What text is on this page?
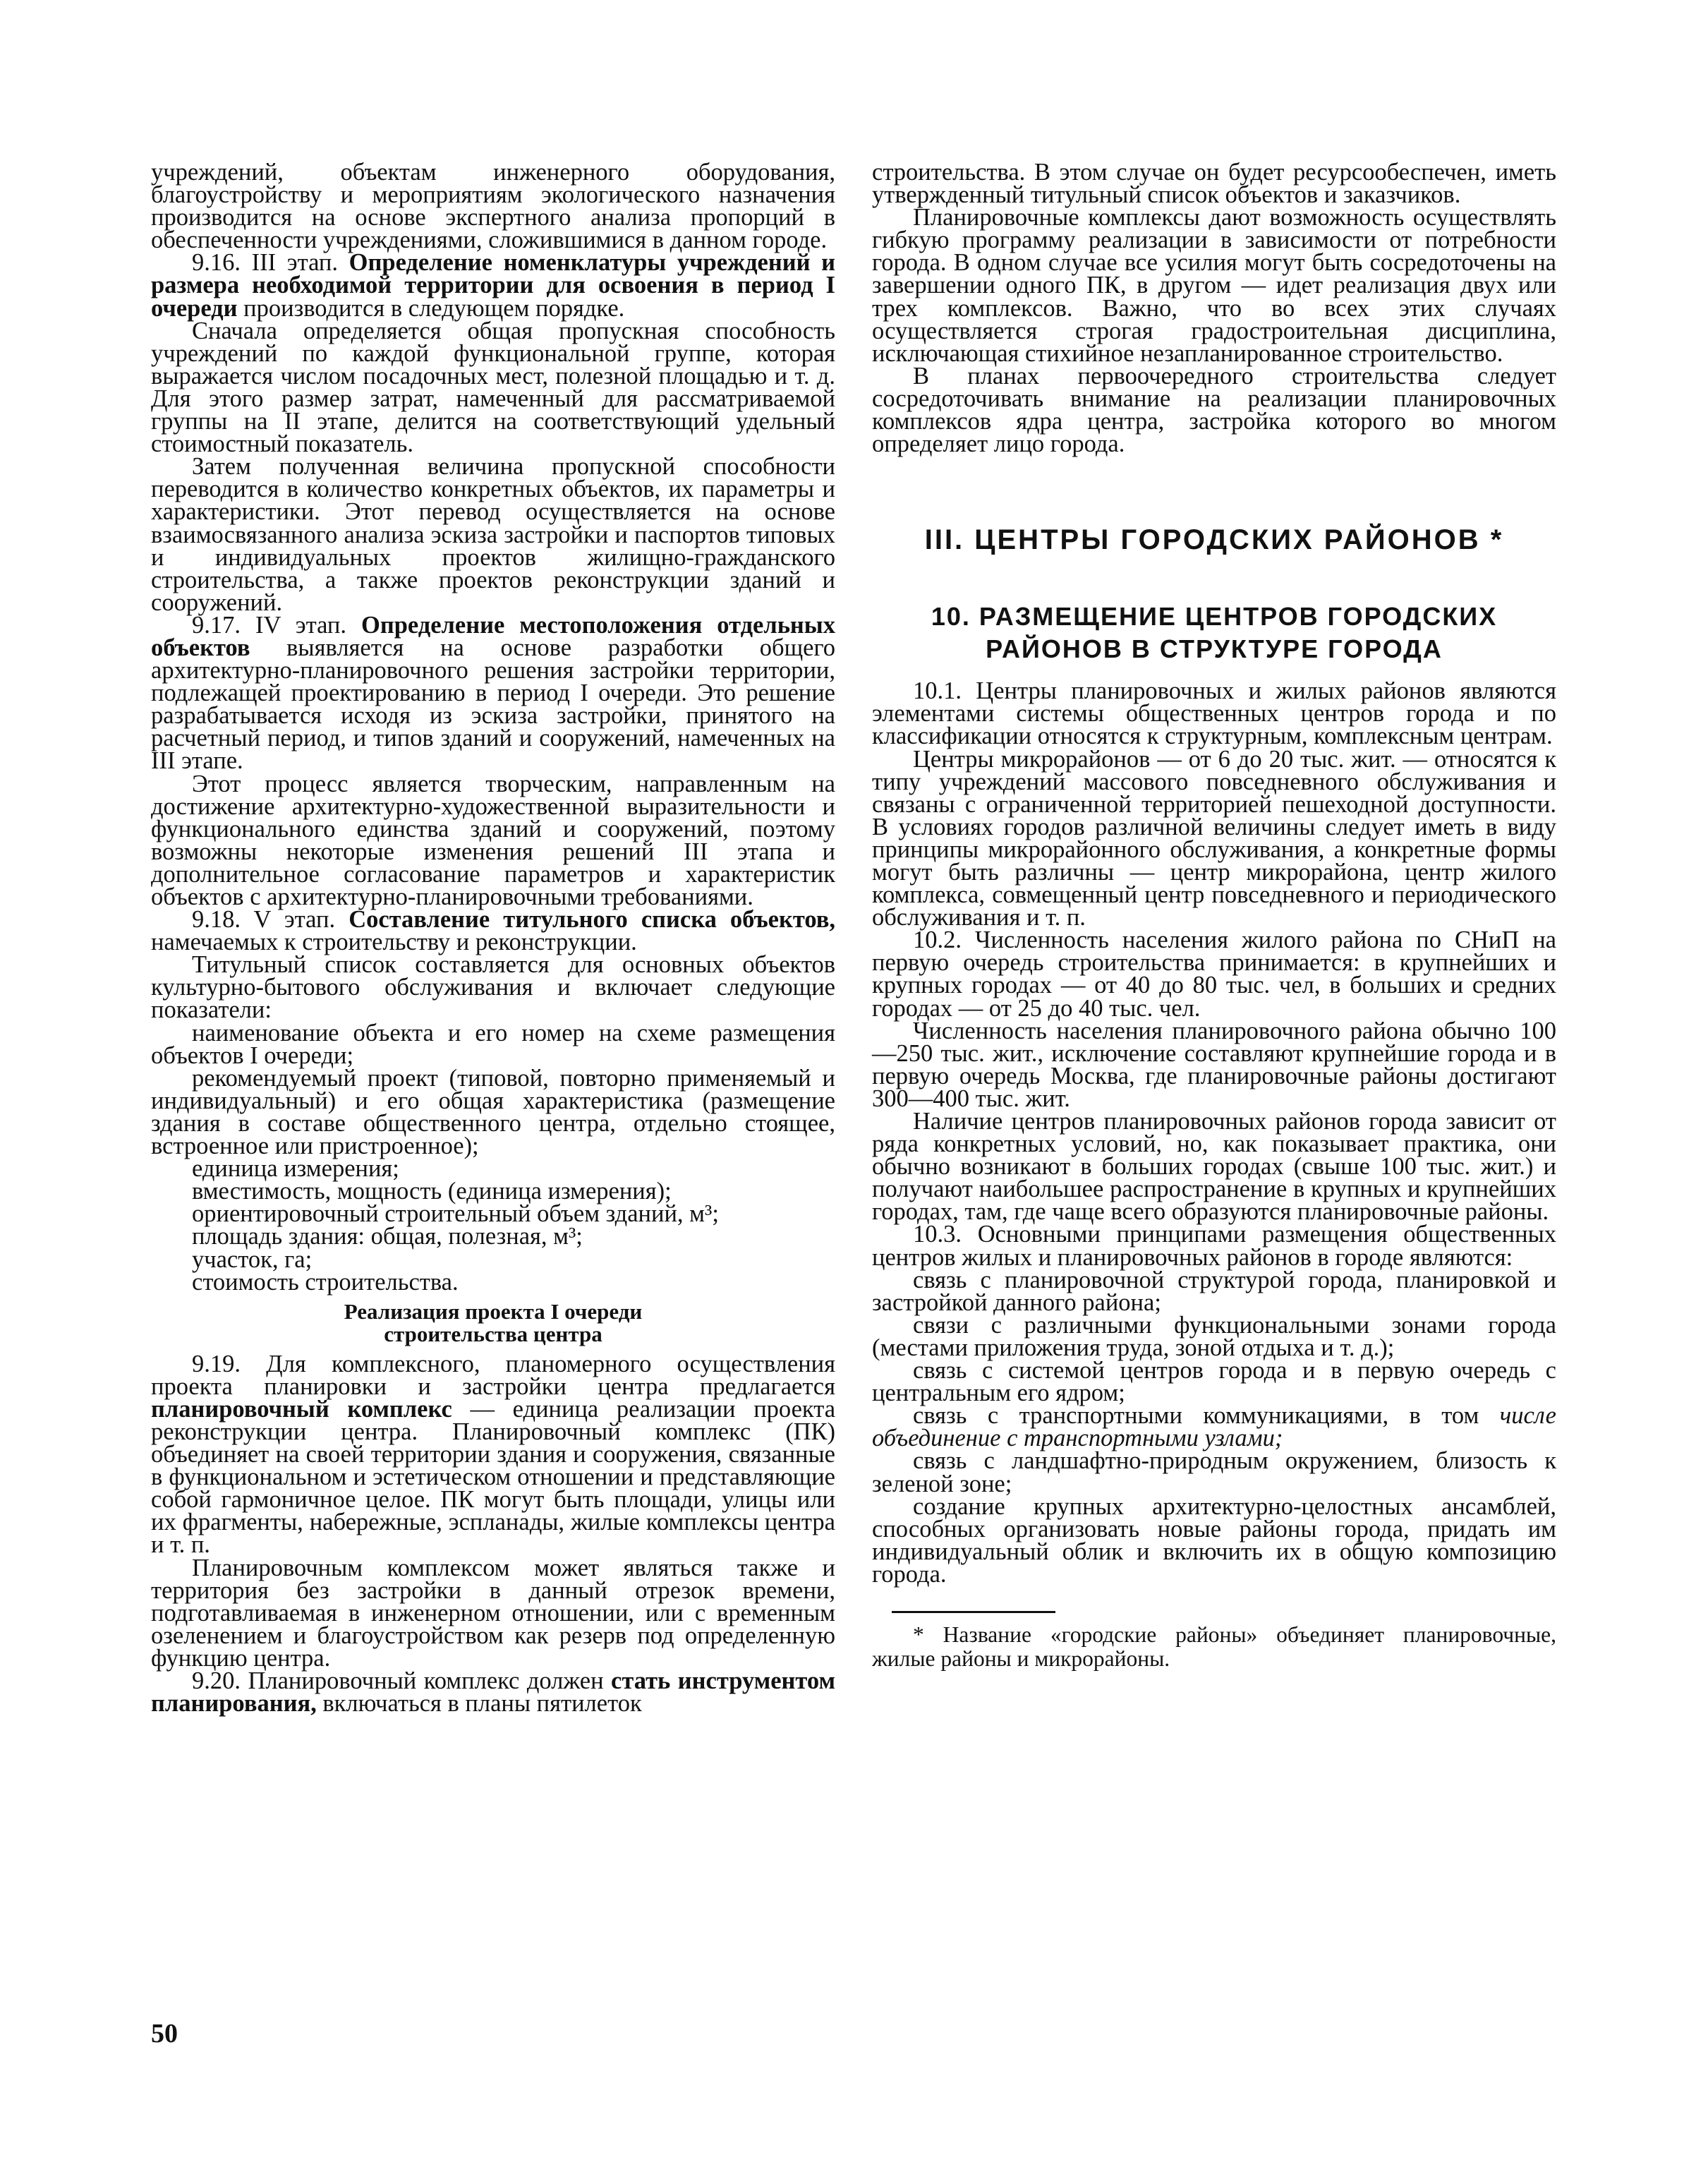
учреждений, объектам инженерного оборудования, благоустройству и мероприятиям экологического назначения производится на основе экспертного анализа пропорций в обеспеченности учреждениями, сложившимися в данном городе.

9.16. III этап. Определение номенклатуры учреждений и размера необходимой территории для освоения в период I очереди производится в следующем порядке.

Сначала определяется общая пропускная способность учреждений по каждой функциональной группе, которая выражается числом посадочных мест, полезной площадью и т. д. Для этого размер затрат, намеченный для рассматриваемой группы на II этапе, делится на соответствующий удельный стоимостный показатель.

Затем полученная величина пропускной способности переводится в количество конкретных объектов, их параметры и характеристики. Этот перевод осуществляется на основе взаимосвязанного анализа эскиза застройки и паспортов типовых и индивидуальных проектов жилищно-гражданского строительства, а также проектов реконструкции зданий и сооружений.

9.17. IV этап. Определение местоположения отдельных объектов выявляется на основе разработки общего архитектурно-планировочного решения застройки территории, подлежащей проектированию в период I очереди. Это решение разрабатывается исходя из эскиза застройки, принятого на расчетный период, и типов зданий и сооружений, намеченных на III этапе.

Этот процесс является творческим, направленным на достижение архитектурно-художественной выразительности и функционального единства зданий и сооружений, поэтому возможны некоторые изменения решений III этапа и дополнительное согласование параметров и характеристик объектов с архитектурно-планировочными требованиями.

9.18. V этап. Составление титульного списка объектов, намечаемых к строительству и реконструкции.

Титульный список составляется для основных объектов культурно-бытового обслуживания и включает следующие показатели:

наименование объекта и его номер на схеме размещения объектов I очереди;

рекомендуемый проект (типовой, повторно применяемый и индивидуальный) и его общая характеристика (размещение здания в составе общественного центра, отдельно стоящее, встроенное или пристроенное);

единица измерения;

вместимость, мощность (единица измерения);

ориентировочный строительный объем зданий, м³;

площадь здания: общая, полезная, м³;

участок, га;

стоимость строительства.

Реализация проекта I очереди
строительства центра

9.19. Для комплексного, планомерного осуществления проекта планировки и застройки центра предлагается планировочный комплекс — единица реализации проекта реконструкции центра. Планировочный комплекс (ПК) объединяет на своей территории здания и сооружения, связанные в функциональном и эстетическом отношении и представляющие собой гармоничное целое. ПК могут быть площади, улицы или их фрагменты, набережные, эспланады, жилые комплексы центра и т. п.

Планировочным комплексом может являться также и территория без застройки в данный отрезок времени, подготавливаемая в инженерном отношении, или с временным озеленением и благоустройством как резерв под определенную функцию центра.

9.20. Планировочный комплекс должен стать инструментом планирования, включаться в планы пятилеток

строительства. В этом случае он будет ресурсообеспечен, иметь утвержденный титульный список объектов и заказчиков.

Планировочные комплексы дают возможность осуществлять гибкую программу реализации в зависимости от потребности города. В одном случае все усилия могут быть сосредоточены на завершении одного ПК, в другом — идет реализация двух или трех комплексов. Важно, что во всех этих случаях осуществляется строгая градостроительная дисциплина, исключающая стихийное незапланированное строительство.

В планах первоочередного строительства следует сосредоточивать внимание на реализации планировочных комплексов ядра центра, застройка которого во многом определяет лицо города.

III. ЦЕНТРЫ ГОРОДСКИХ РАЙОНОВ *
10. РАЗМЕЩЕНИЕ ЦЕНТРОВ ГОРОДСКИХ
РАЙОНОВ В СТРУКТУРЕ ГОРОДА

10.1. Центры планировочных и жилых районов являются элементами системы общественных центров города и по классификации относятся к структурным, комплексным центрам.

Центры микрорайонов — от 6 до 20 тыс. жит. — относятся к типу учреждений массового повседневного обслуживания и связаны с ограниченной территорией пешеходной доступности. В условиях городов различной величины следует иметь в виду принципы микрорайонного обслуживания, а конкретные формы могут быть различны — центр микрорайона, центр жилого комплекса, совмещенный центр повседневного и периодического обслуживания и т. п.

10.2. Численность населения жилого района по СНиП на первую очередь строительства принимается: в крупнейших и крупных городах — от 40 до 80 тыс. чел, в больших и средних городах — от 25 до 40 тыс. чел.

Численность населения планировочного района обычно 100—250 тыс. жит., исключение составляют крупнейшие города и в первую очередь Москва, где планировочные районы достигают 300—400 тыс. жит.

Наличие центров планировочных районов города зависит от ряда конкретных условий, но, как показывает практика, они обычно возникают в больших городах (свыше 100 тыс. жит.) и получают наибольшее распространение в крупных и крупнейших городах, там, где чаще всего образуются планировочные районы.

10.3. Основными принципами размещения общественных центров жилых и планировочных районов в городе являются:

связь с планировочной структурой города, планировкой и застройкой данного района;

связи с различными функциональными зонами города (местами приложения труда, зоной отдыха и т. д.);

связь с системой центров города и в первую очередь с центральным его ядром;

связь с транспортными коммуникациями, в том числе объединение с транспортными узлами;

связь с ландшафтно-природным окружением, близость к зеленой зоне;

создание крупных архитектурно-целостных ансамблей, способных организовать новые районы города, придать им индивидуальный облик и включить их в общую композицию города.

* Название «городские районы» объединяет планировочные, жилые районы и микрорайоны.

50
